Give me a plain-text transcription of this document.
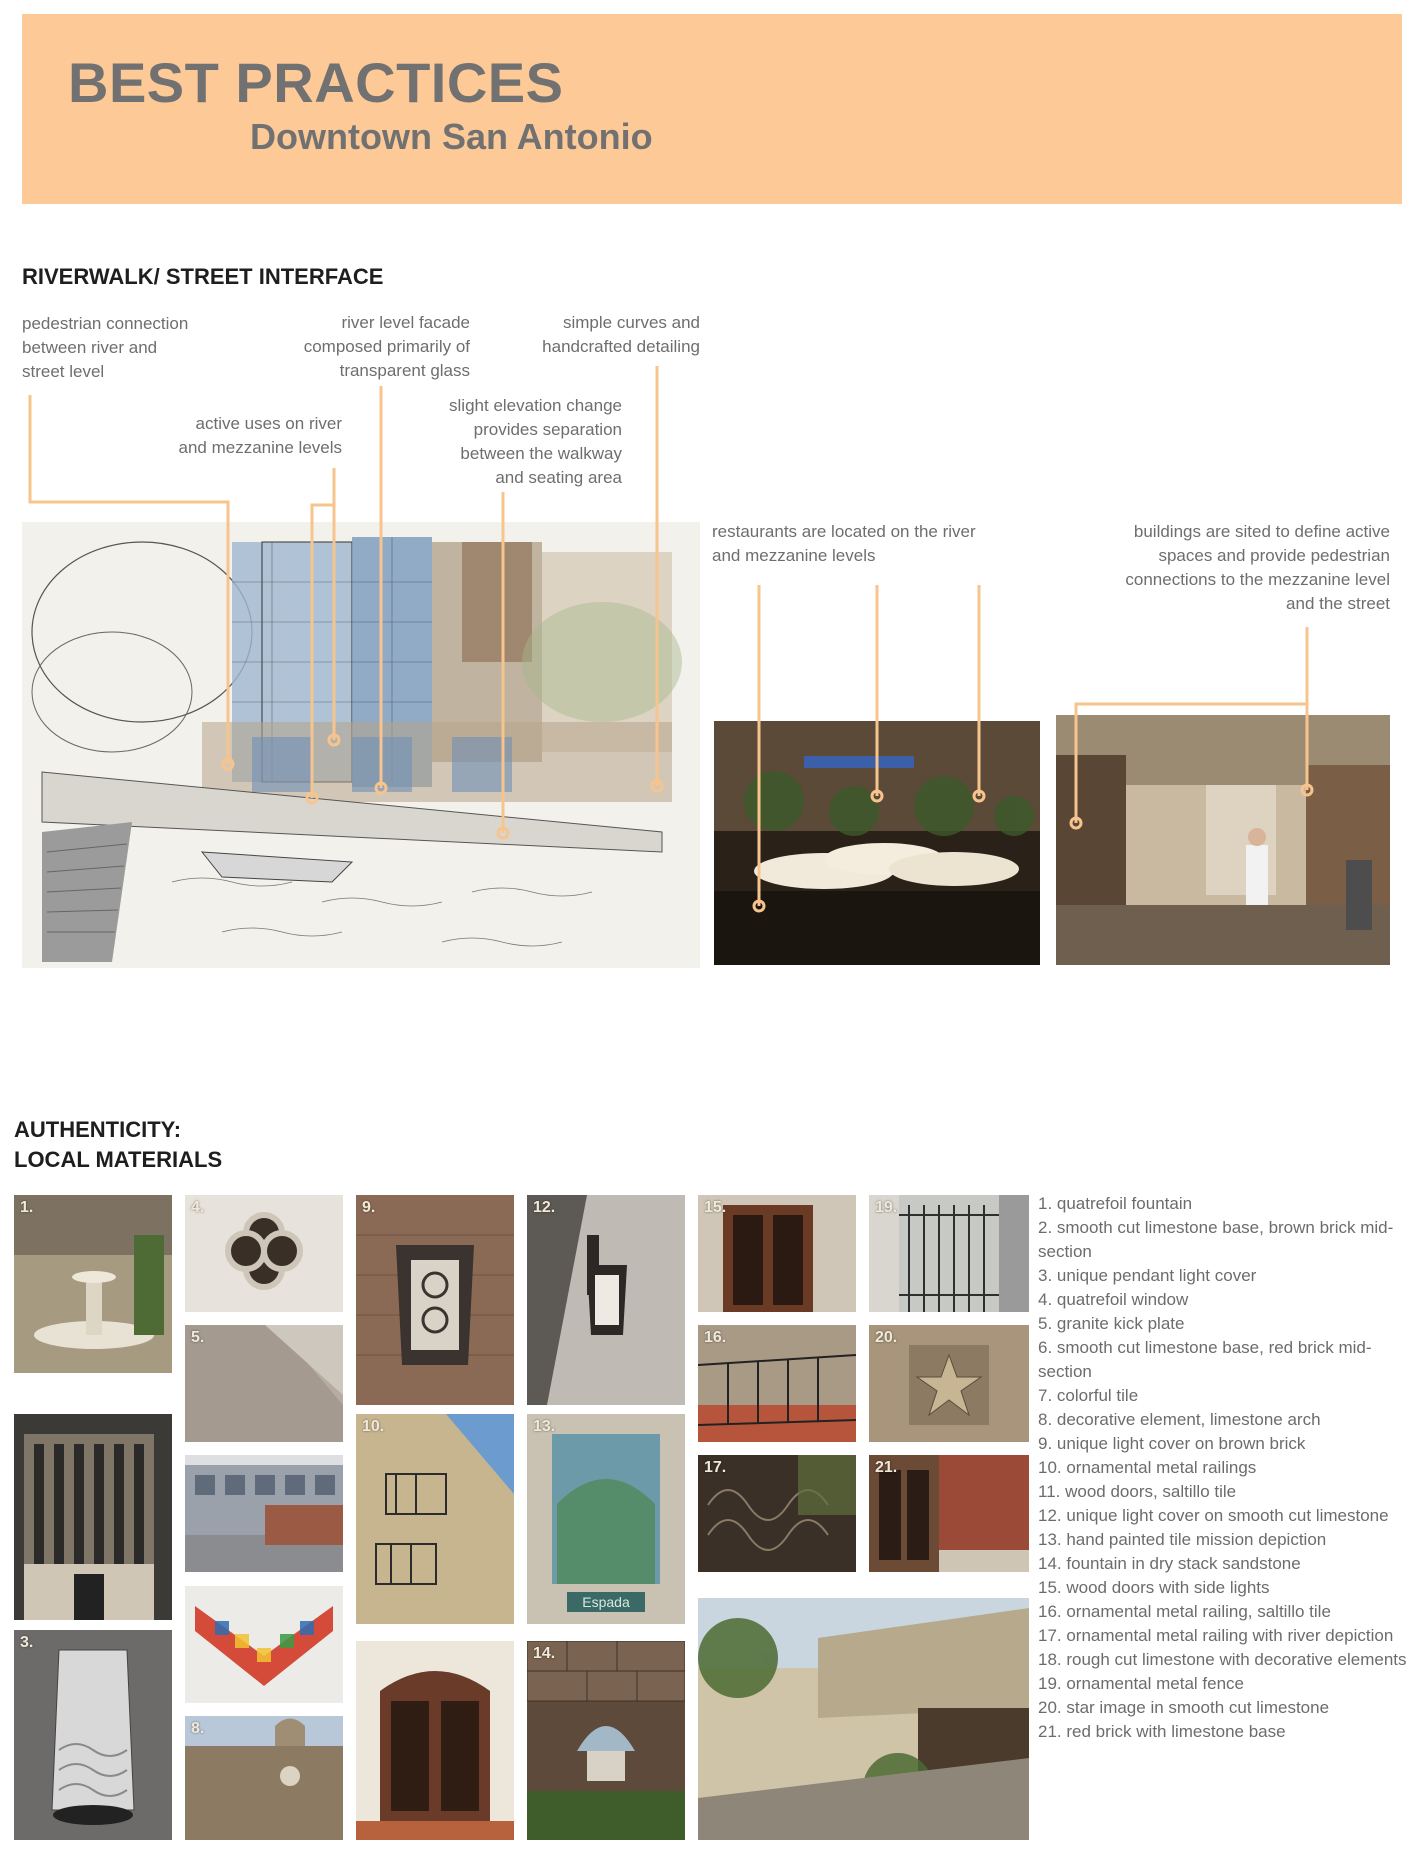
BEST PRACTICES
Downtown San Antonio
RIVERWALK/ STREET INTERFACE
pedestrian connection
between river and
street level
river level facade
composed primarily of
transparent glass
simple curves and
handcrafted detailing
active uses on river
and mezzanine levels
slight elevation change
provides separation
between the walkway
and seating area
restaurants are located on the river
and mezzanine levels
buildings are sited to define active
spaces and provide pedestrian
connections to the mezzanine level
and the street
AUTHENTICITY:
LOCAL MATERIALS
1.
3.
4.
5.
8.
9.
10.
12.
13.
Espada
14.
15.
16.
17.
19.
20.
21.
1. quatrefoil fountain
2. smooth cut limestone base, brown brick mid-section
3. unique pendant light cover
4. quatrefoil window
5. granite kick plate
6. smooth cut limestone base, red brick mid-section
7. colorful tile
8. decorative element, limestone arch
9. unique light cover on brown brick
10. ornamental metal railings
11. wood doors, saltillo tile
12. unique light cover on smooth cut limestone
13. hand painted tile mission depiction
14. fountain in dry stack sandstone
15. wood doors with side lights
16. ornamental metal railing, saltillo tile
17. ornamental metal railing with river depiction
18. rough cut limestone with decorative elements
19. ornamental metal fence
20. star image in smooth cut limestone
21. red brick with limestone base
